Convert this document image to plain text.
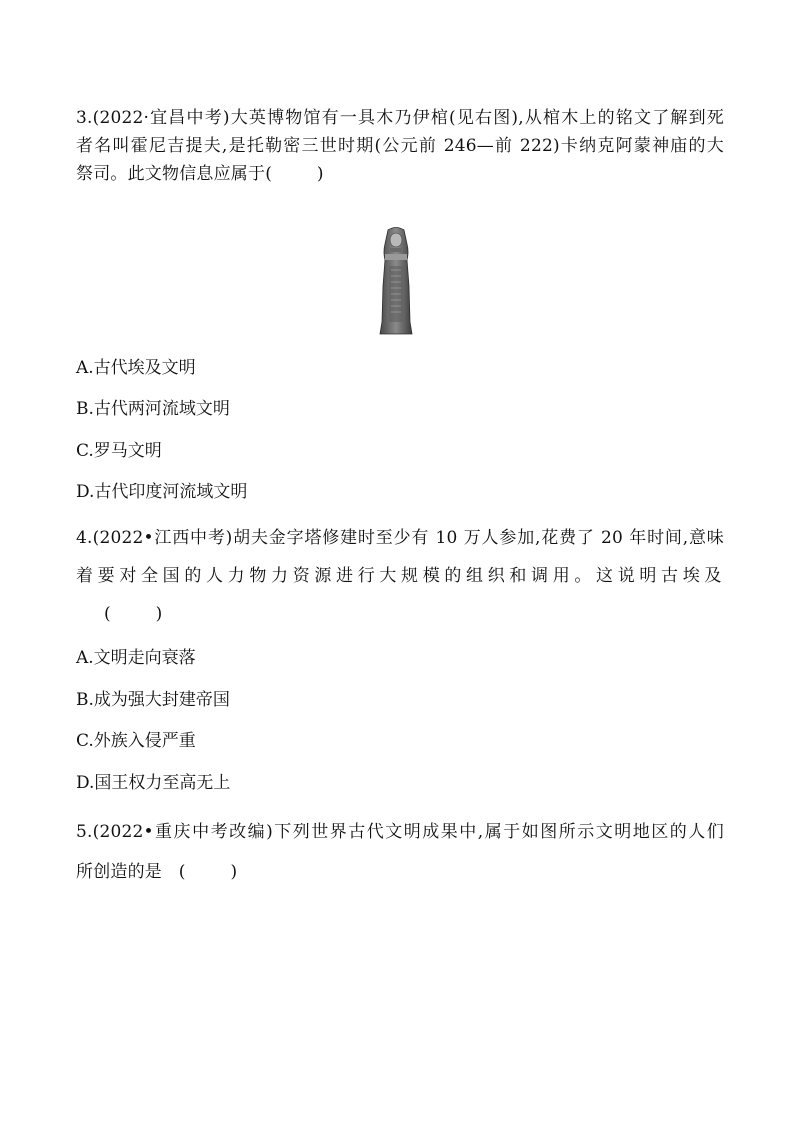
3.(2022·宜昌中考)大英博物馆有一具木乃伊棺(见右图),从棺木上的铭文了解到死
者名叫霍尼吉提夫,是托勒密三世时期(公元前 246—前 222)卡纳克阿蒙神庙的大
祭司。此文物信息应属于(        )
A.古代埃及文明
B.古代两河流域文明
C.罗马文明
D.古代印度河流域文明
4.(2022•江西中考)胡夫金字塔修建时至少有 10 万人参加,花费了 20 年时间,意味
着要对全国的人力物力资源进行大规模的组织和调用。这说明古埃及
(        )
A.文明走向衰落
B.成为强大封建帝国
C.外族入侵严重
D.国王权力至高无上
5.(2022•重庆中考改编)下列世界古代文明成果中,属于如图所示文明地区的人们
所创造的是   (        )
